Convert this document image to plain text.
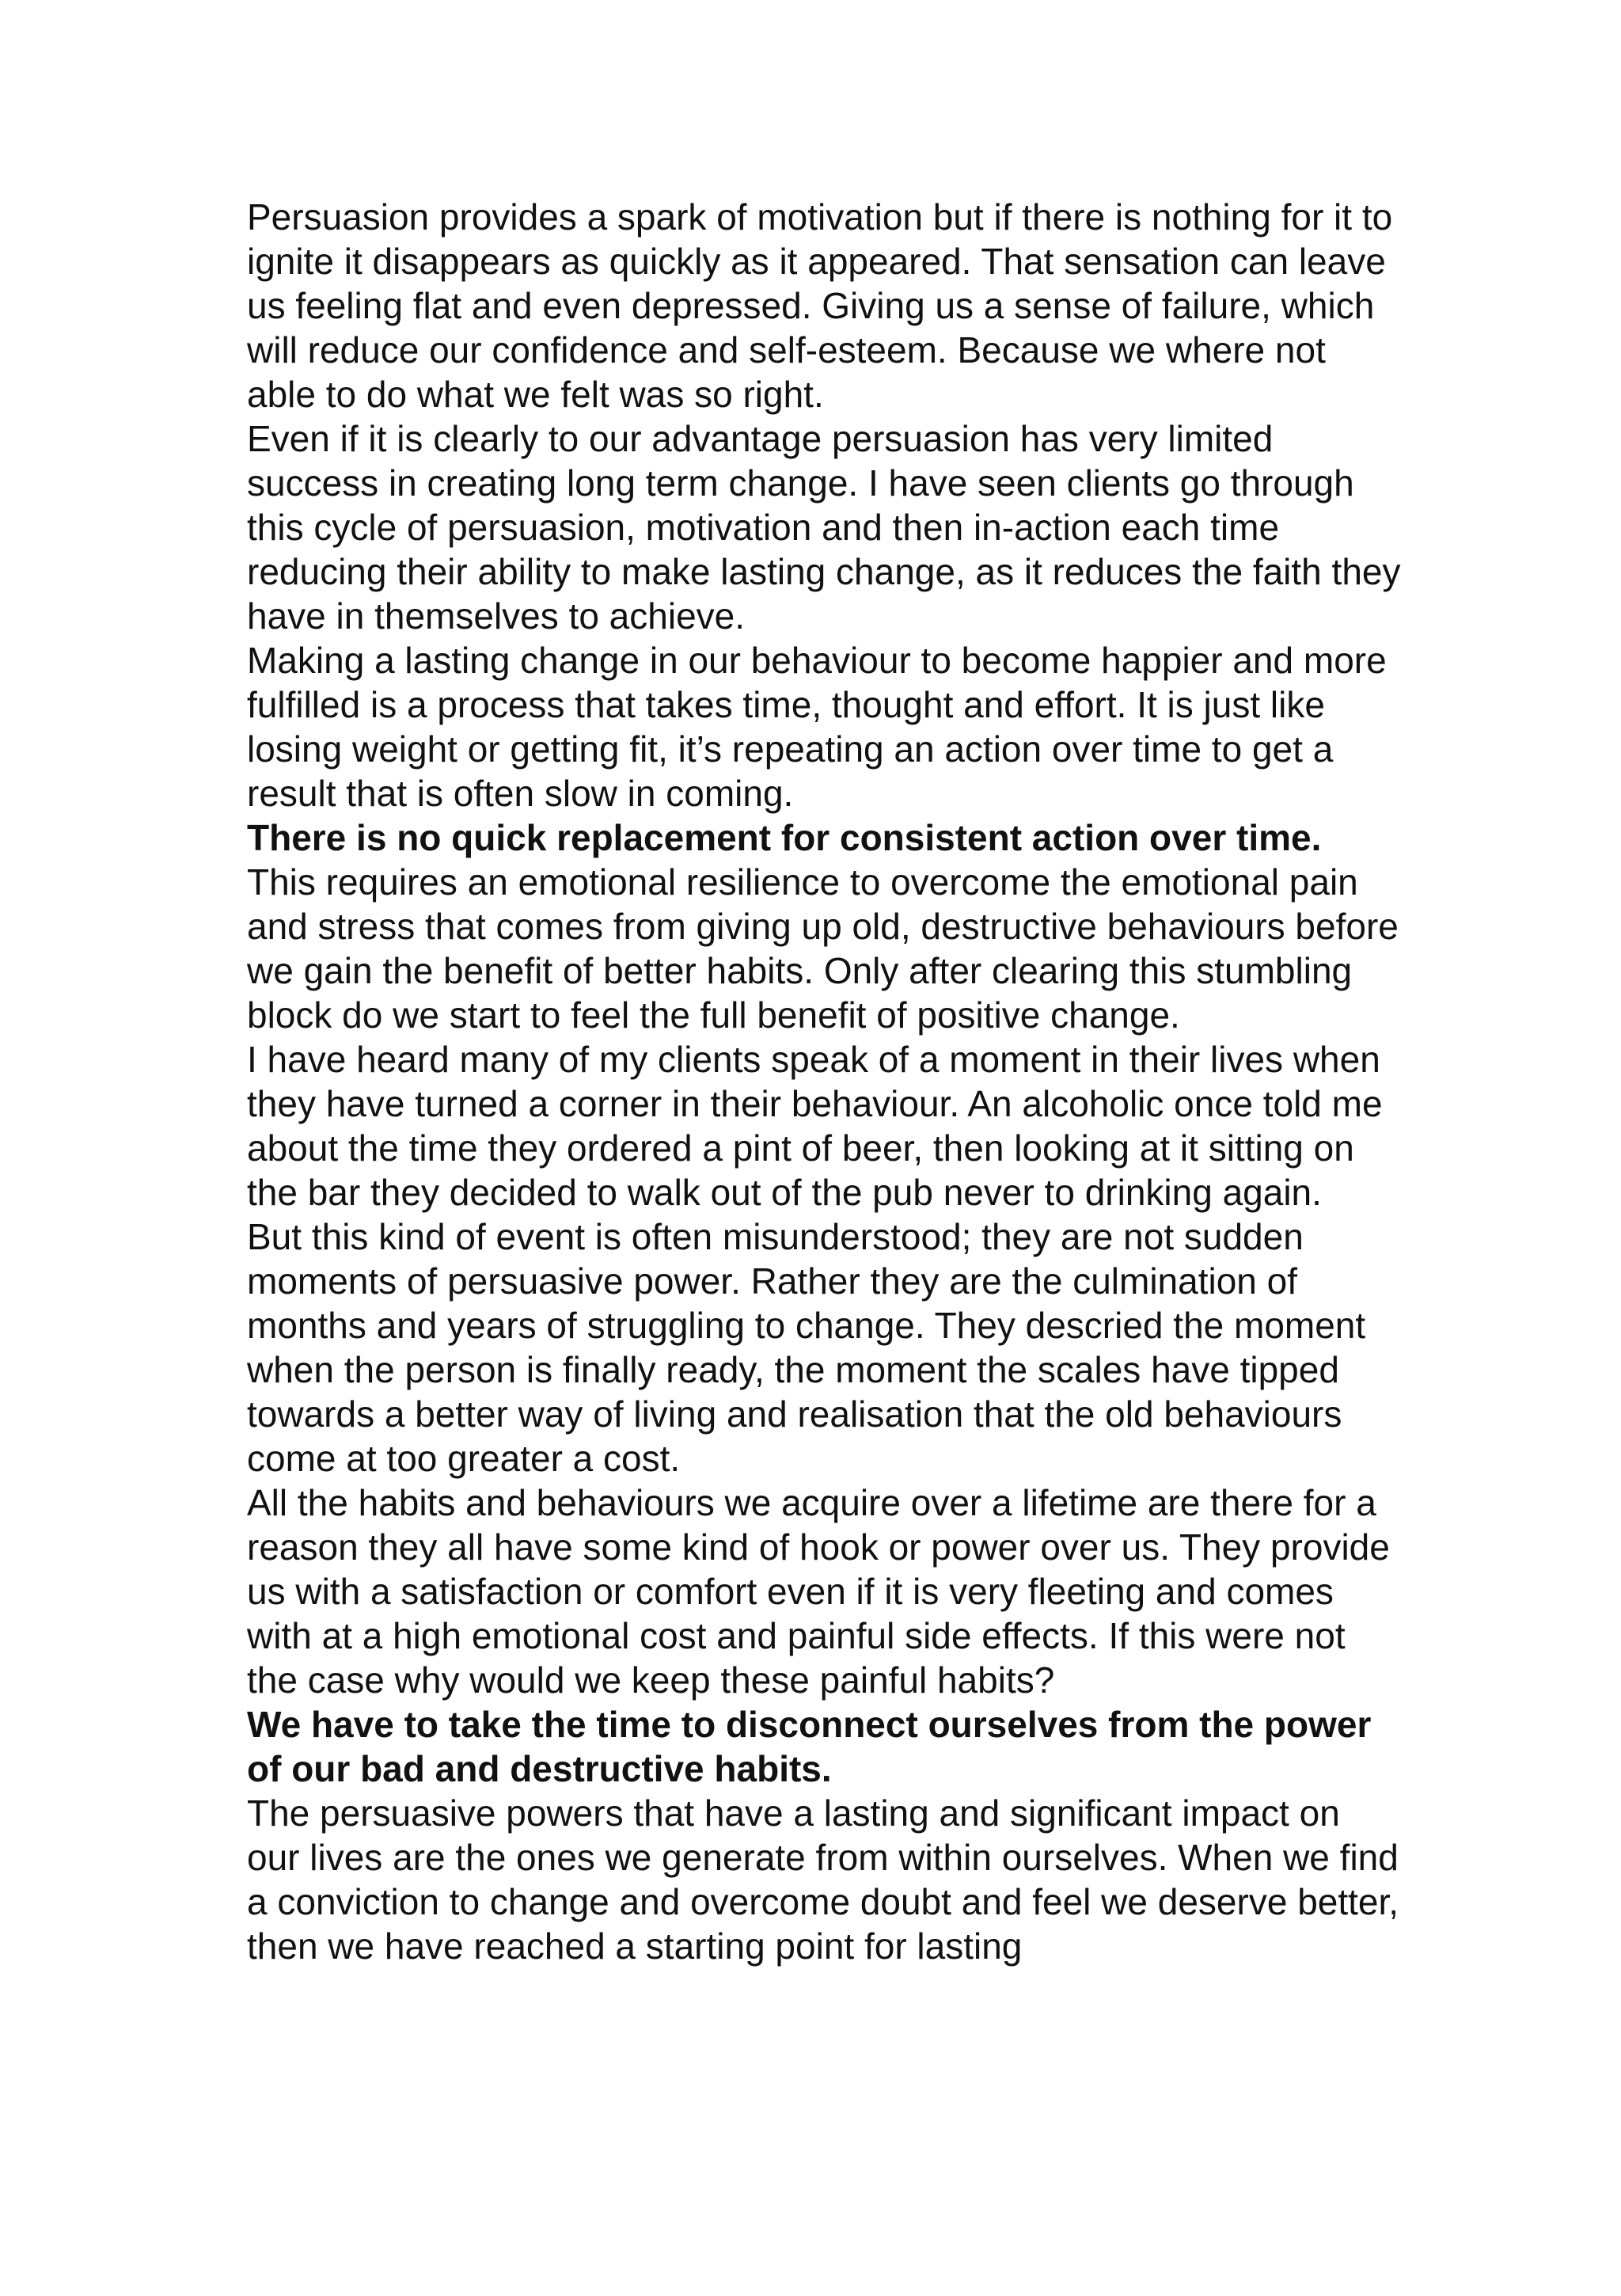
Persuasion provides a spark of motivation but if there is nothing for it to ignite it disappears as quickly as it appeared. That sensation can leave us feeling flat and even depressed. Giving us a sense of failure, which will reduce our confidence and self-esteem. Because we where not able to do what we felt was so right.

Even if it is clearly to our advantage persuasion has very limited success in creating long term change. I have seen clients go through this cycle of persuasion, motivation and then in-action each time reducing their ability to make lasting change, as it reduces the faith they have in themselves to achieve.

Making a lasting change in our behaviour to become happier and more fulfilled is a process that takes time, thought and effort. It is just like losing weight or getting fit, it’s repeating an action over time to get a result that is often slow in coming.

There is no quick replacement for consistent action over time.

This requires an emotional resilience to overcome the emotional pain and stress that comes from giving up old, destructive behaviours before we gain the benefit of better habits. Only after clearing this stumbling block do we start to feel the full benefit of positive change.

I have heard many of my clients speak of a moment in their lives when they have turned a corner in their behaviour. An alcoholic once told me about the time they ordered a pint of beer, then looking at it sitting on the bar they decided to walk out of the pub never to drinking again.

But this kind of event is often misunderstood; they are not sudden moments of persuasive power. Rather they are the culmination of months and years of struggling to change. They descried the moment when the person is finally ready, the moment the scales have tipped towards a better way of living and realisation that the old behaviours come at too greater a cost.

All the habits and behaviours we acquire over a lifetime are there for a reason they all have some kind of hook or power over us. They provide us with a satisfaction or comfort even if it is very fleeting and comes with at a high emotional cost and painful side effects. If this were not the case why would we keep these painful habits?

We have to take the time to disconnect ourselves from the power of our bad and destructive habits.

The persuasive powers that have a lasting and significant impact on our lives are the ones we generate from within ourselves. When we find a conviction to change and overcome doubt and feel we deserve better, then we have reached a starting point for lasting
